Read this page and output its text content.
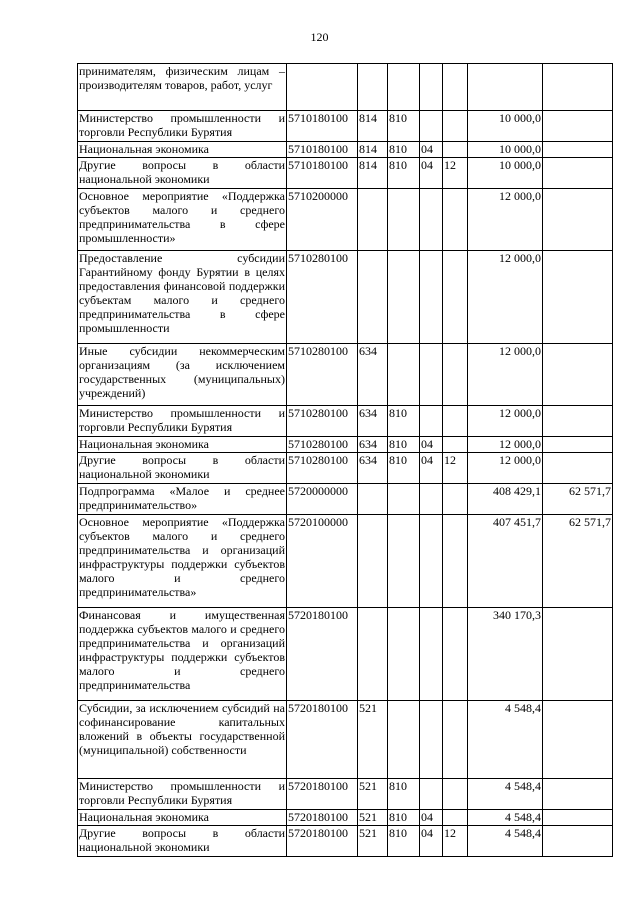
120
принимателям, физическим лицам – производителям товаров, работ, услуг							
Министерство промышленности и торговли Республики Бурятия	5710180100	814	810			10 000,0	
Национальная экономика	5710180100	814	810	04		10 000,0	
Другие вопросы в области национальной экономики	5710180100	814	810	04	12	10 000,0	
Основное мероприятие «Поддержка субъектов малого и среднего предпринимательства в сфере промышленности»	5710200000					12 000,0	
Предоставление субсидии Гарантийному фонду Бурятии в целях предоставления финансовой поддержки субъектам малого и среднего предпринимательства в сфере промышленности	5710280100					12 000,0	
Иные субсидии некоммерческим организациям (за исключением государственных (муниципальных) учреждений)	5710280100	634				12 000,0	
Министерство промышленности и торговли Республики Бурятия	5710280100	634	810			12 000,0	
Национальная экономика	5710280100	634	810	04		12 000,0	
Другие вопросы в области национальной экономики	5710280100	634	810	04	12	12 000,0	
Подпрограмма «Малое и среднее предпринимательство»	5720000000					408 429,1	62 571,7
Основное мероприятие «Поддержка субъектов малого и среднего предпринимательства и организаций инфраструктуры поддержки субъектов малого и среднего предпринимательства»	5720100000					407 451,7	62 571,7
Финансовая и имущественная поддержка субъектов малого и среднего предпринимательства и организаций инфраструктуры поддержки субъектов малого и среднего предпринимательства	5720180100					340 170,3	
Субсидии, за исключением субсидий на софинансирование капитальных вложений в объекты государственной (муниципальной) собственности	5720180100	521				4 548,4	
Министерство промышленности и торговли Республики Бурятия	5720180100	521	810			4 548,4	
Национальная экономика	5720180100	521	810	04		4 548,4	
Другие вопросы в области национальной экономики	5720180100	521	810	04	12	4 548,4	
